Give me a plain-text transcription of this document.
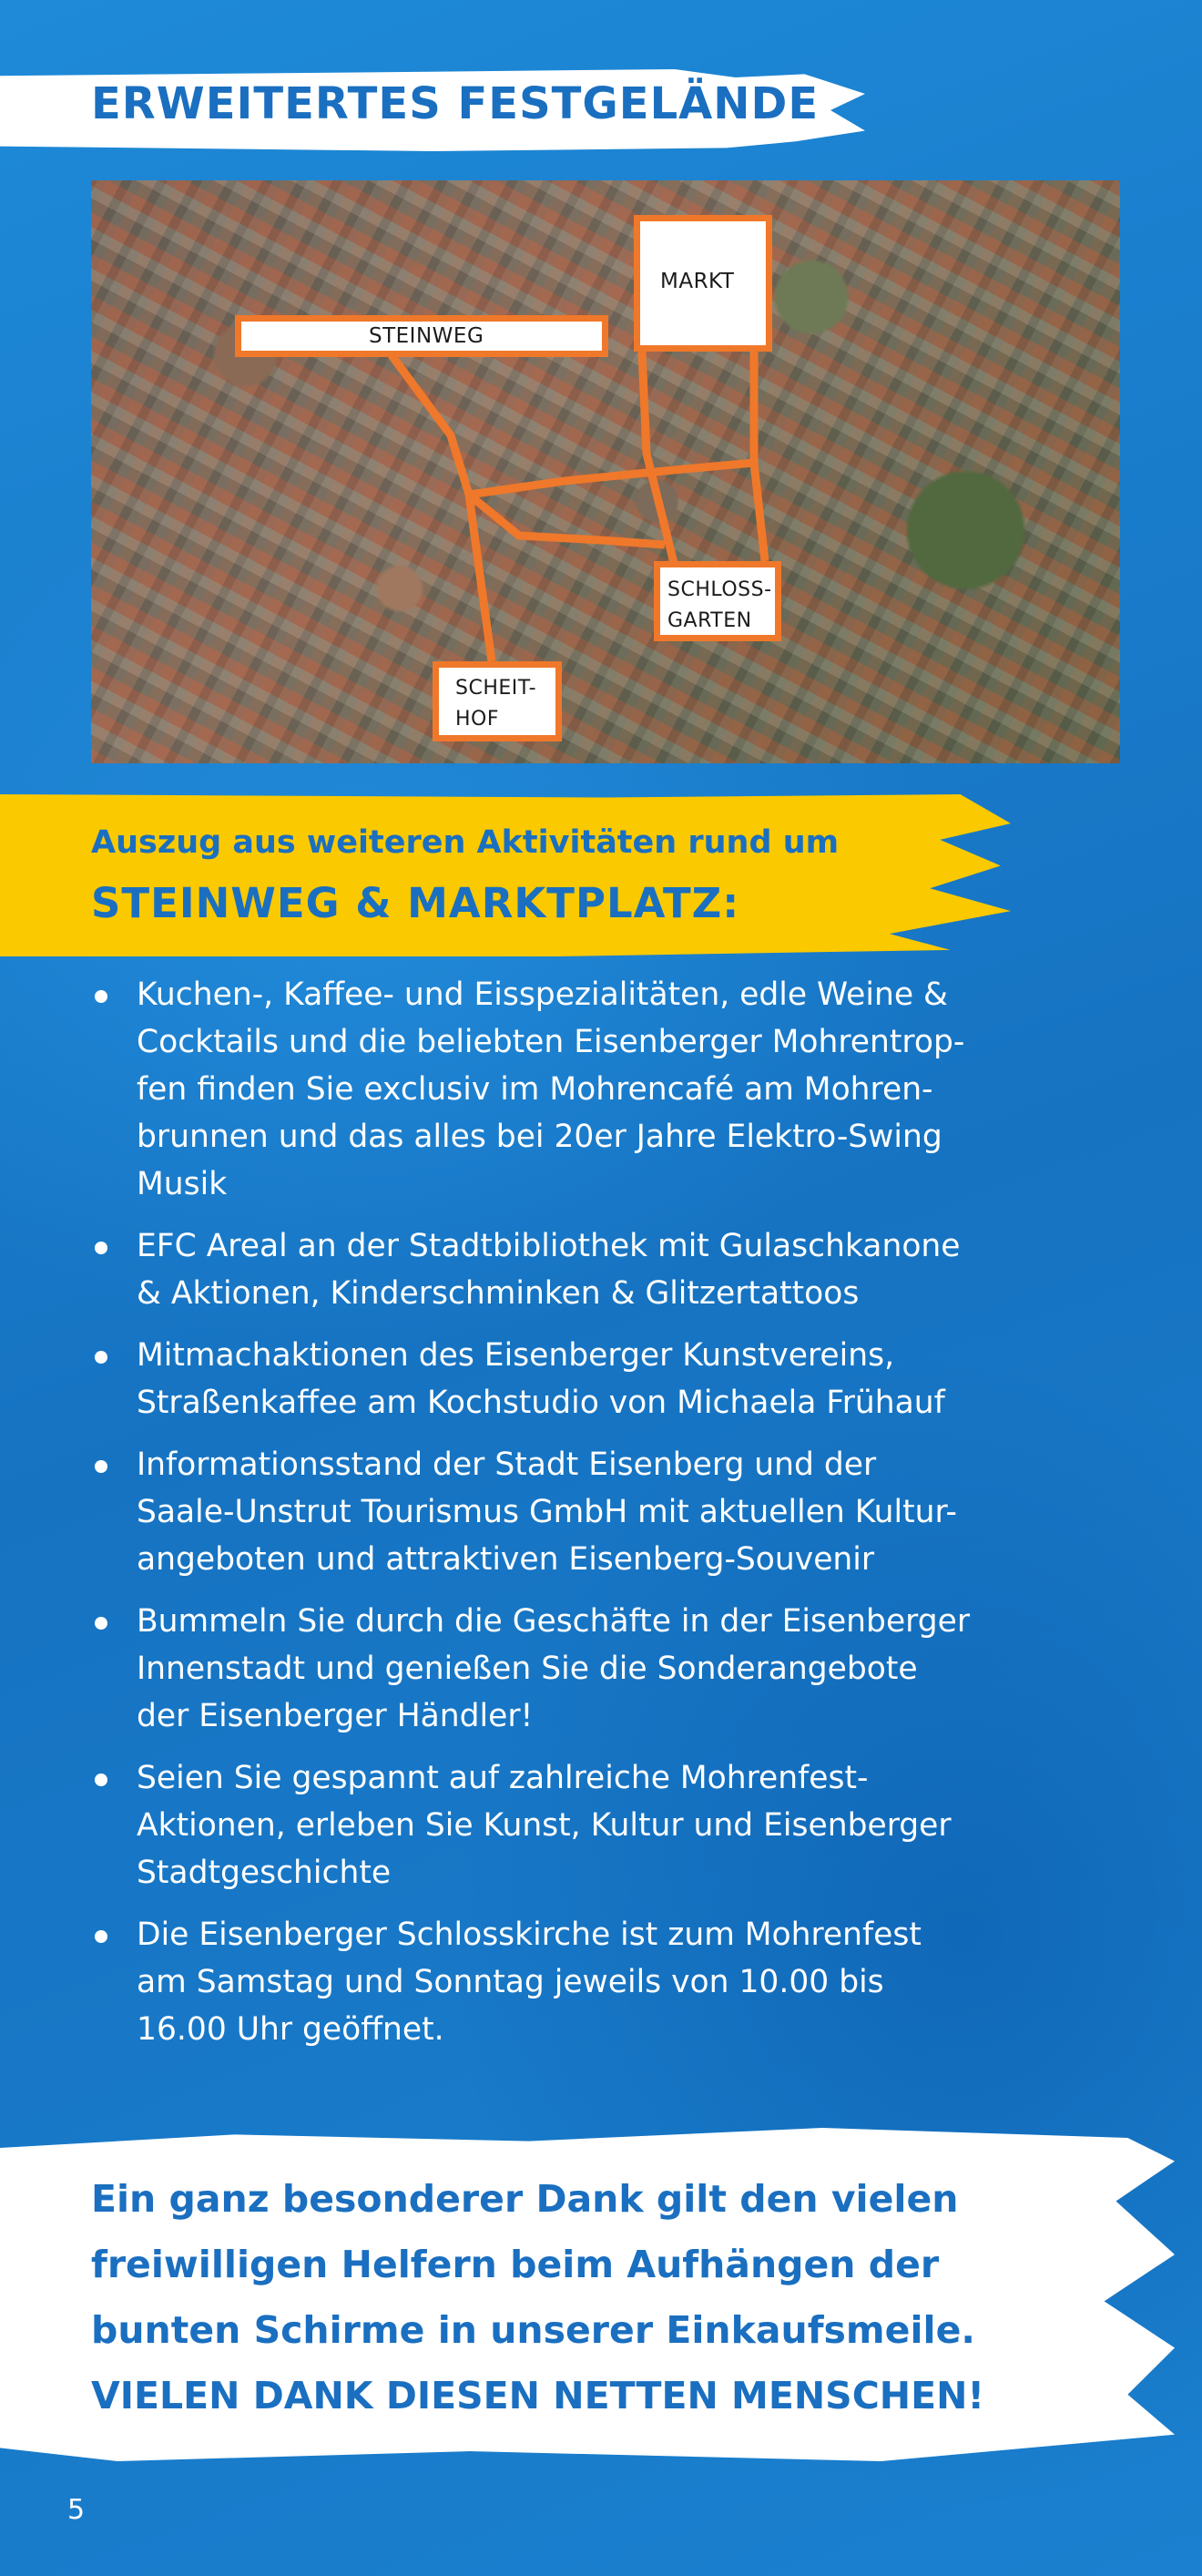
ERWEITERTES FESTGELÄNDE
STEINWEG
MARKT
SCHLOSS-
GARTEN
SCHEIT-
HOF

Auszug aus weiteren Aktivitäten rund um

STEINWEG & MARKTPLATZ:
Kuchen-, Kaffee- und Eisspezialitäten, edle Weine &
Cocktails und die beliebten Eisenberger Mohrentrop-
fen finden Sie exclusiv im Mohrencafé am Mohren-
brunnen und das alles bei 20er Jahre Elektro-Swing
Musik
EFC Areal an der Stadtbibliothek mit Gulaschkanone
& Aktionen, Kinderschminken & Glitzertattoos
Mitmachaktionen des Eisenberger Kunstvereins,
Straßenkaffee am Kochstudio von Michaela Frühauf
Informationsstand der Stadt Eisenberg und der
Saale-Unstrut Tourismus GmbH mit aktuellen Kultur-
angeboten und attraktiven Eisenberg-Souvenir
Bummeln Sie durch die Geschäfte in der Eisenberger
Innenstadt und genießen Sie die Sonderangebote
der Eisenberger Händler!
Seien Sie gespannt auf zahlreiche Mohrenfest-
Aktionen, erleben Sie Kunst, Kultur und Eisenberger
Stadtgeschichte
Die Eisenberger Schlosskirche ist zum Mohrenfest
am Samstag und Sonntag jeweils von 10.00 bis
16.00 Uhr geöffnet.

Ein ganz besonderer Dank gilt den vielen
freiwilligen Helfern beim Aufhängen der
bunten Schirme in unserer Einkaufsmeile.
VIELEN DANK DIESEN NETTEN MENSCHEN!

5
